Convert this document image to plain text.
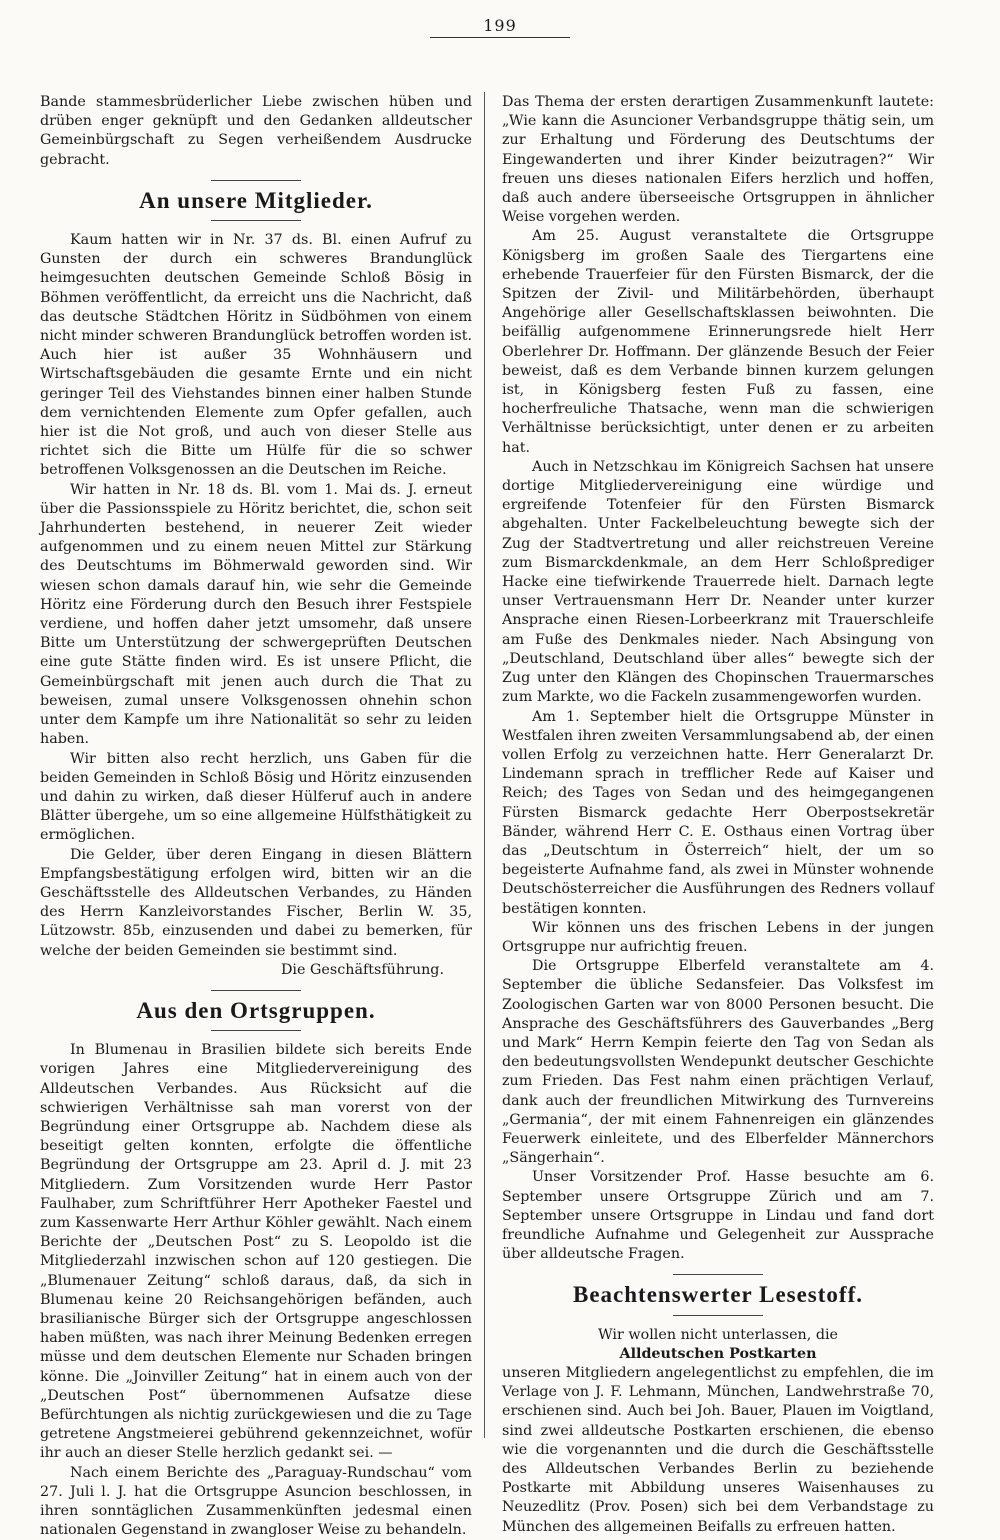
199

Bande stammesbrüderlicher Liebe zwischen hüben und drüben enger geknüpft und den Gedanken alldeutscher Gemeinbürgschaft zu Segen verheißendem Ausdrucke gebracht.

An unsere Mitglieder.

Kaum hatten wir in Nr. 37 ds. Bl. einen Aufruf zu Gunsten der durch ein schweres Brandunglück heimgesuchten deutschen Gemeinde Schloß Bösig in Böhmen veröffentlicht, da erreicht uns die Nachricht, daß das deutsche Städtchen Höritz in Südböhmen von einem nicht minder schweren Brandunglück betroffen worden ist. Auch hier ist außer 35 Wohnhäusern und Wirtschaftsgebäuden die gesamte Ernte und ein nicht geringer Teil des Viehstandes binnen einer halben Stunde dem vernichtenden Elemente zum Opfer gefallen, auch hier ist die Not groß, und auch von dieser Stelle aus richtet sich die Bitte um Hülfe für die so schwer betroffenen Volksgenossen an die Deutschen im Reiche.

Wir hatten in Nr. 18 ds. Bl. vom 1. Mai ds. J. erneut über die Passionsspiele zu Höritz berichtet, die, schon seit Jahrhunderten bestehend, in neuerer Zeit wieder aufgenommen und zu einem neuen Mittel zur Stärkung des Deutschtums im Böhmerwald geworden sind. Wir wiesen schon damals darauf hin, wie sehr die Gemeinde Höritz eine Förderung durch den Besuch ihrer Festspiele verdiene, und hoffen daher jetzt umsomehr, daß unsere Bitte um Unterstützung der schwergeprüften Deutschen eine gute Stätte finden wird. Es ist unsere Pflicht, die Gemeinbürgschaft mit jenen auch durch die That zu beweisen, zumal unsere Volksgenossen ohnehin schon unter dem Kampfe um ihre Nationalität so sehr zu leiden haben.

Wir bitten also recht herzlich, uns Gaben für die beiden Gemeinden in Schloß Bösig und Höritz einzusenden und dahin zu wirken, daß dieser Hülferuf auch in andere Blätter übergehe, um so eine allgemeine Hülfsthätigkeit zu ermöglichen.

Die Gelder, über deren Eingang in diesen Blättern Empfangsbestätigung erfolgen wird, bitten wir an die Geschäftsstelle des Alldeutschen Verbandes, zu Händen des Herrn Kanzleivorstandes Fischer, Berlin W. 35, Lützowstr. 85b, einzusenden und dabei zu bemerken, für welche der beiden Gemeinden sie bestimmt sind.

Die Geschäftsführung.

Aus den Ortsgruppen.

In Blumenau in Brasilien bildete sich bereits Ende vorigen Jahres eine Mitgliedervereinigung des Alldeutschen Verbandes. Aus Rücksicht auf die schwierigen Verhältnisse sah man vorerst von der Begründung einer Ortsgruppe ab. Nachdem diese als beseitigt gelten konnten, erfolgte die öffentliche Begründung der Ortsgruppe am 23. April d. J. mit 23 Mitgliedern. Zum Vorsitzenden wurde Herr Pastor Faulhaber, zum Schriftführer Herr Apotheker Faestel und zum Kassenwarte Herr Arthur Köhler gewählt. Nach einem Berichte der „Deutschen Post“ zu S. Leopoldo ist die Mitgliederzahl inzwischen schon auf 120 gestiegen. Die „Blumenauer Zeitung“ schloß daraus, daß, da sich in Blumenau keine 20 Reichsangehörigen befänden, auch brasilianische Bürger sich der Ortsgruppe angeschlossen haben müßten, was nach ihrer Meinung Bedenken erregen müsse und dem deutschen Elemente nur Schaden bringen könne. Die „Joinviller Zeitung“ hat in einem auch von der „Deutschen Post“ übernommenen Aufsatze diese Befürchtungen als nichtig zurückgewiesen und die zu Tage getretene Angstmeierei gebührend gekennzeichnet, wofür ihr auch an dieser Stelle herzlich gedankt sei. —

Nach einem Berichte des „Paraguay-Rundschau“ vom 27. Juli l. J. hat die Ortsgruppe Asuncion beschlossen, in ihren sonntäglichen Zusammenkünften jedesmal einen nationalen Gegenstand in zwangloser Weise zu behandeln.

Das Thema der ersten derartigen Zusammenkunft lautete: „Wie kann die Asuncioner Verbandsgruppe thätig sein, um zur Erhaltung und Förderung des Deutschtums der Eingewanderten und ihrer Kinder beizutragen?“ Wir freuen uns dieses nationalen Eifers herzlich und hoffen, daß auch andere überseeische Ortsgruppen in ähnlicher Weise vorgehen werden.

Am 25. August veranstaltete die Ortsgruppe Königsberg im großen Saale des Tiergartens eine erhebende Trauerfeier für den Fürsten Bismarck, der die Spitzen der Zivil- und Militärbehörden, überhaupt Angehörige aller Gesellschaftsklassen beiwohnten. Die beifällig aufgenommene Erinnerungsrede hielt Herr Oberlehrer Dr. Hoffmann. Der glänzende Besuch der Feier beweist, daß es dem Verbande binnen kurzem gelungen ist, in Königsberg festen Fuß zu fassen, eine hocherfreuliche Thatsache, wenn man die schwierigen Verhältnisse berücksichtigt, unter denen er zu arbeiten hat.

Auch in Netzschkau im Königreich Sachsen hat unsere dortige Mitgliedervereinigung eine würdige und ergreifende Totenfeier für den Fürsten Bismarck abgehalten. Unter Fackelbeleuchtung bewegte sich der Zug der Stadtvertretung und aller reichstreuen Vereine zum Bismarckdenkmale, an dem Herr Schloßprediger Hacke eine tiefwirkende Trauerrede hielt. Darnach legte unser Vertrauensmann Herr Dr. Neander unter kurzer Ansprache einen Riesen-Lorbeerkranz mit Trauerschleife am Fuße des Denkmales nieder. Nach Absingung von „Deutschland, Deutschland über alles“ bewegte sich der Zug unter den Klängen des Chopinschen Trauermarsches zum Markte, wo die Fackeln zusammengeworfen wurden.

Am 1. September hielt die Ortsgruppe Münster in Westfalen ihren zweiten Versammlungsabend ab, der einen vollen Erfolg zu verzeichnen hatte. Herr Generalarzt Dr. Lindemann sprach in trefflicher Rede auf Kaiser und Reich; des Tages von Sedan und des heimgegangenen Fürsten Bismarck gedachte Herr Oberpostsekretär Bänder, während Herr C. E. Osthaus einen Vortrag über das „Deutschtum in Österreich“ hielt, der um so begeisterte Aufnahme fand, als zwei in Münster wohnende Deutschösterreicher die Ausführungen des Redners vollauf bestätigen konnten.

Wir können uns des frischen Lebens in der jungen Ortsgruppe nur aufrichtig freuen.

Die Ortsgruppe Elberfeld veranstaltete am 4. September die übliche Sedansfeier. Das Volksfest im Zoologischen Garten war von 8000 Personen besucht. Die Ansprache des Geschäftsführers des Gauverbandes „Berg und Mark“ Herrn Kempin feierte den Tag von Sedan als den bedeutungsvollsten Wendepunkt deutscher Geschichte zum Frieden. Das Fest nahm einen prächtigen Verlauf, dank auch der freundlichen Mitwirkung des Turnvereins „Germania“, der mit einem Fahnenreigen ein glänzendes Feuerwerk einleitete, und des Elberfelder Männerchors „Sängerhain“.

Unser Vorsitzender Prof. Hasse besuchte am 6. September unsere Ortsgruppe Zürich und am 7. September unsere Ortsgruppe in Lindau und fand dort freundliche Aufnahme und Gelegenheit zur Aussprache über alldeutsche Fragen.

Beachtenswerter Lesestoff.

Wir wollen nicht unterlassen, die

Alldeutschen Postkarten

unseren Mitgliedern angelegentlichst zu empfehlen, die im Verlage von J. F. Lehmann, München, Landwehrstraße 70, erschienen sind. Auch bei Joh. Bauer, Plauen im Voigtland, sind zwei alldeutsche Postkarten erschienen, die ebenso wie die vorgenannten und die durch die Geschäftsstelle des Alldeutschen Verbandes Berlin zu beziehende Postkarte mit Abbildung unseres Waisenhauses zu Neuzedlitz (Prov. Posen) sich bei dem Verbandstage zu München des allgemeinen Beifalls zu erfreuen hatten.
